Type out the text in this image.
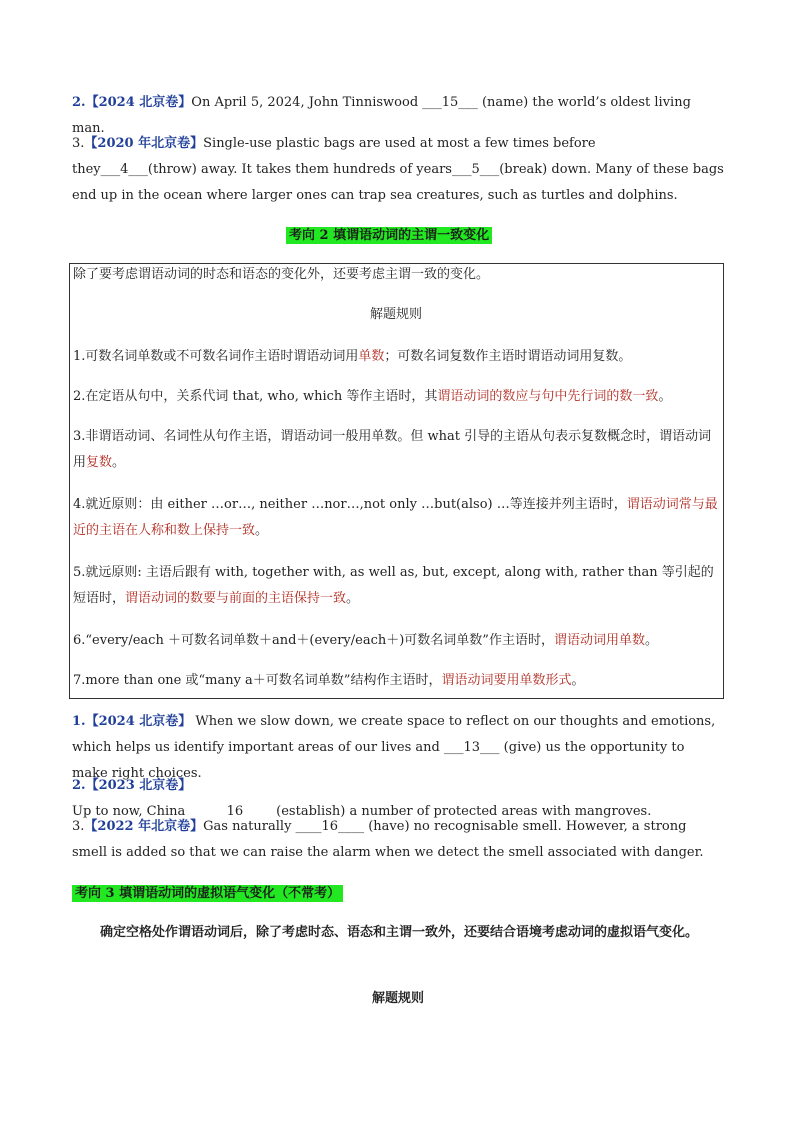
2.【2024 北京卷】On April 5, 2024, John Tinniswood ___15___ (name) the world’s oldest living man.

3.【2020 年北京卷】Single-use plastic bags are used at most a few times before they___4___(throw) away. It takes them hundreds of years___5___(break) down. Many of these bags end up in the ocean where larger ones can trap sea creatures, such as turtles and dolphins.

考向 2 填谓语动词的主谓一致变化
除了要考虑谓语动词的时态和语态的变化外，还要考虑主谓一致的变化。
解题规则
1.可数名词单数或不可数名词作主语时谓语动词用单数；可数名词复数作主语时谓语动词用复数。
2.在定语从句中，关系代词 that, who, which 等作主语时，其谓语动词的数应与句中先行词的数一致。
3.非谓语动词、名词性从句作主语，谓语动词一般用单数。但 what 引导的主语从句表示复数概念时，谓语动词用复数。
4.就近原则：由 either …or…, neither …nor…,not only …but(also) …等连接并列主语时，谓语动词常与最近的主语在人称和数上保持一致。
5.就远原则: 主语后跟有 with, together with, as well as, but, except, along with, rather than 等引起的短语时，谓语动词的数要与前面的主语保持一致。
6.“every/each ＋可数名词单数＋and＋(every/each＋)可数名词单数”作主语时，谓语动词用单数。
7.more than one 或“many a＋可数名词单数”结构作主语时，谓语动词要用单数形式。

1.【2024 北京卷】 When we slow down, we create space to reflect on our thoughts and emotions, which helps us identify important areas of our lives and ___13___ (give) us the opportunity to make right choices.

2.【2023 北京卷】Up to now, China          16        (establish) a number of protected areas with mangroves.

3.【2022 年北京卷】Gas naturally ____16____ (have) no recognisable smell. However, a strong smell is added so that we can raise the alarm when we detect the smell associated with danger.

考向 3 填谓语动词的虚拟语气变化（不常考）

确定空格处作谓语动词后，除了考虑时态、语态和主谓一致外，还要结合语境考虑动词的虚拟语气变化。

解题规则
